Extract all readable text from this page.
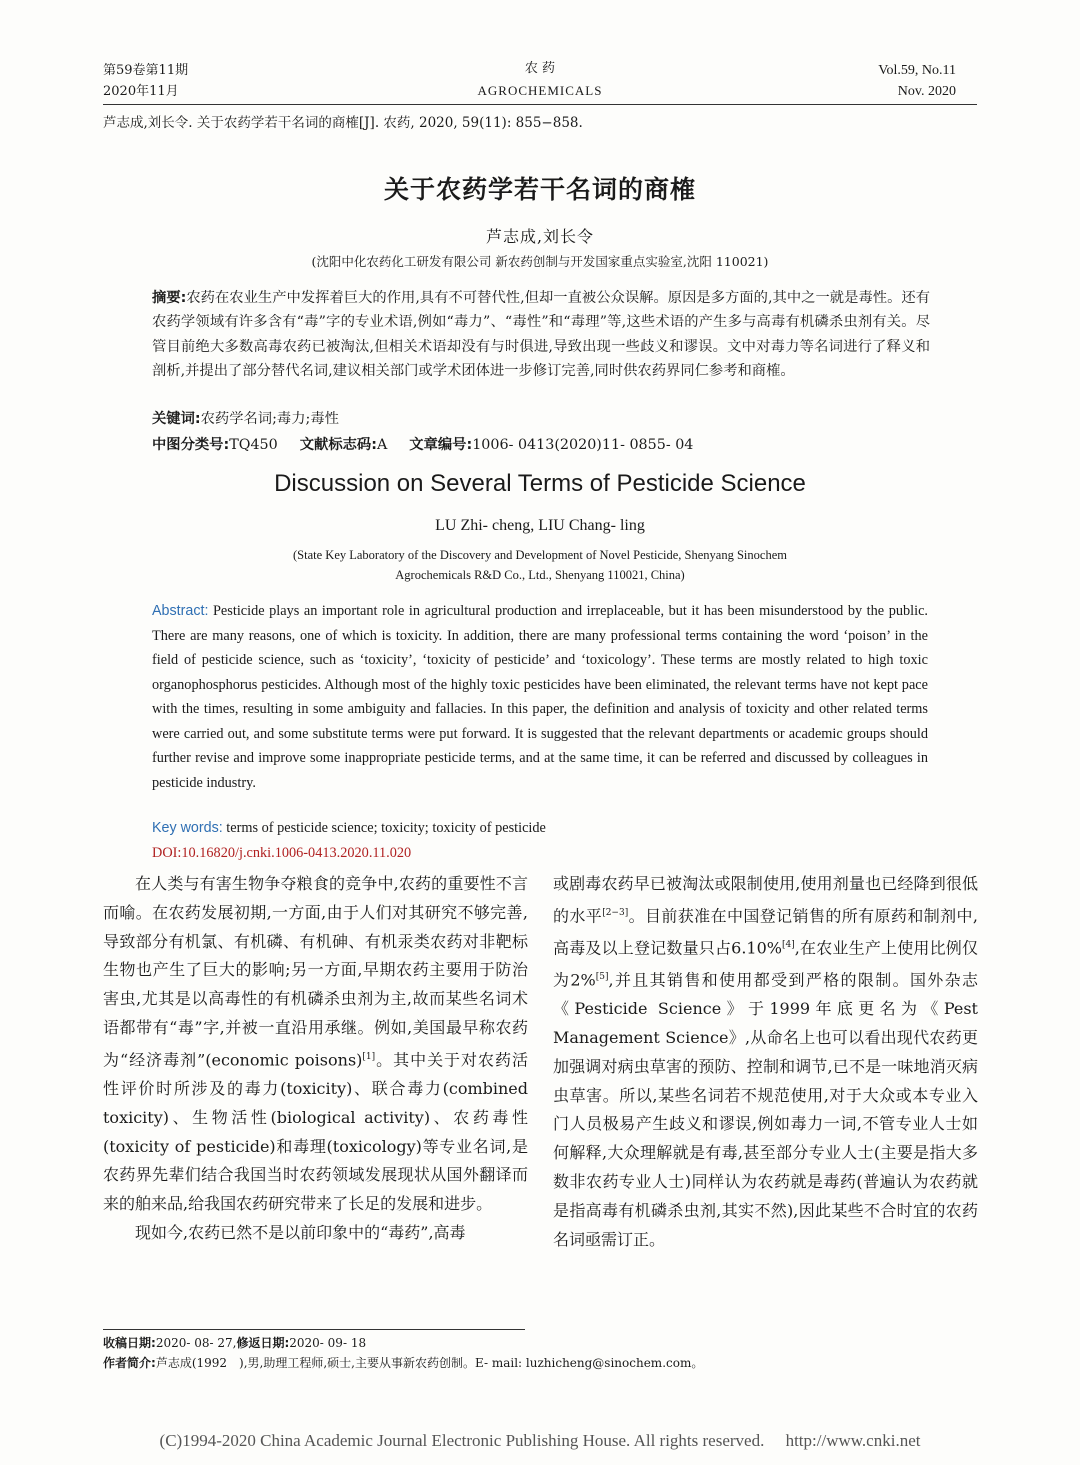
第59卷第11期
2020年11月
农 药
AGROCHEMICALS
Vol.59, No.11
Nov. 2020
芦志成,刘长令. 关于农药学若干名词的商榷[J]. 农药, 2020, 59(11): 855−858.
关于农药学若干名词的商榷
芦志成,刘长令
(沈阳中化农药化工研发有限公司 新农药创制与开发国家重点实验室,沈阳 110021)
摘要:农药在农业生产中发挥着巨大的作用,具有不可替代性,但却一直被公众误解。原因是多方面的,其中之一就是毒性。还有农药学领域有许多含有“毒”字的专业术语,例如“毒力”、“毒性”和“毒理”等,这些术语的产生多与高毒有机磷杀虫剂有关。尽管目前绝大多数高毒农药已被淘汰,但相关术语却没有与时俱进,导致出现一些歧义和谬误。文中对毒力等名词进行了释义和剖析,并提出了部分替代名词,建议相关部门或学术团体进一步修订完善,同时供农药界同仁参考和商榷。
关键词:农药学名词;毒力;毒性
中图分类号:TQ450 文献标志码:A 文章编号:1006- 0413(2020)11- 0855- 04
Discussion on Several Terms of Pesticide Science
LU Zhi- cheng, LIU Chang- ling
(State Key Laboratory of the Discovery and Development of Novel Pesticide, Shenyang Sinochem
Agrochemicals R&D Co., Ltd., Shenyang 110021, China)
Abstract: Pesticide plays an important role in agricultural production and irreplaceable, but it has been misunderstood by the public. There are many reasons, one of which is toxicity. In addition, there are many professional terms containing the word ‘poison’ in the field of pesticide science, such as ‘toxicity’, ‘toxicity of pesticide’ and ‘toxicology’. These terms are mostly related to high toxic organophosphorus pesticides. Although most of the highly toxic pesticides have been eliminated, the relevant terms have not kept pace with the times, resulting in some ambiguity and fallacies. In this paper, the definition and analysis of toxicity and other related terms were carried out, and some substitute terms were put forward. It is suggested that the relevant departments or academic groups should further revise and improve some inappropriate pesticide terms, and at the same time, it can be referred and discussed by colleagues in pesticide industry.
Key words: terms of pesticide science; toxicity; toxicity of pesticide
DOI:10.16820/j.cnki.1006-0413.2020.11.020

在人类与有害生物争夺粮食的竞争中,农药的重要性不言而喻。在农药发展初期,一方面,由于人们对其研究不够完善,导致部分有机氯、有机磷、有机砷、有机汞类农药对非靶标生物也产生了巨大的影响;另一方面,早期农药主要用于防治害虫,尤其是以高毒性的有机磷杀虫剂为主,故而某些名词术语都带有“毒”字,并被一直沿用承继。例如,美国最早称农药为“经济毒剂”(economic poisons)[1]。其中关于对农药活性评价时所涉及的毒力(toxicity)、联合毒力(combined toxicity)、生物活性(biological activity)、农药毒性(toxicity of pesticide)和毒理(toxicology)等专业名词,是农药界先辈们结合我国当时农药领域发展现状从国外翻译而来的舶来品,给我国农药研究带来了长足的发展和进步。

现如今,农药已然不是以前印象中的“毒药”,高毒

或剧毒农药早已被淘汰或限制使用,使用剂量也已经降到很低的水平[2−3]。目前获准在中国登记销售的所有原药和制剂中,高毒及以上登记数量只占6.10%[4],在农业生产上使用比例仅为2%[5],并且其销售和使用都受到严格的限制。国外杂志《Pesticide Science》于1999年底更名为《Pest Management Science》,从命名上也可以看出现代农药更加强调对病虫草害的预防、控制和调节,已不是一味地消灭病虫草害。所以,某些名词若不规范使用,对于大众或本专业入门人员极易产生歧义和谬误,例如毒力一词,不管专业人士如何解释,大众理解就是有毒,甚至部分专业人士(主要是指大多数非农药专业人士)同样认为农药就是毒药(普遍认为农药就是指高毒有机磷杀虫剂,其实不然),因此某些不合时宜的农药名词亟需订正。

收稿日期:2020- 08- 27,修返日期:2020- 09- 18
作者简介:芦志成(1992　),男,助理工程师,硕士,主要从事新农药创制。E- mail: luzhicheng@sinochem.com。
(C)1994-2020 China Academic Journal Electronic Publishing House. All rights reserved.　 http://www.cnki.net
